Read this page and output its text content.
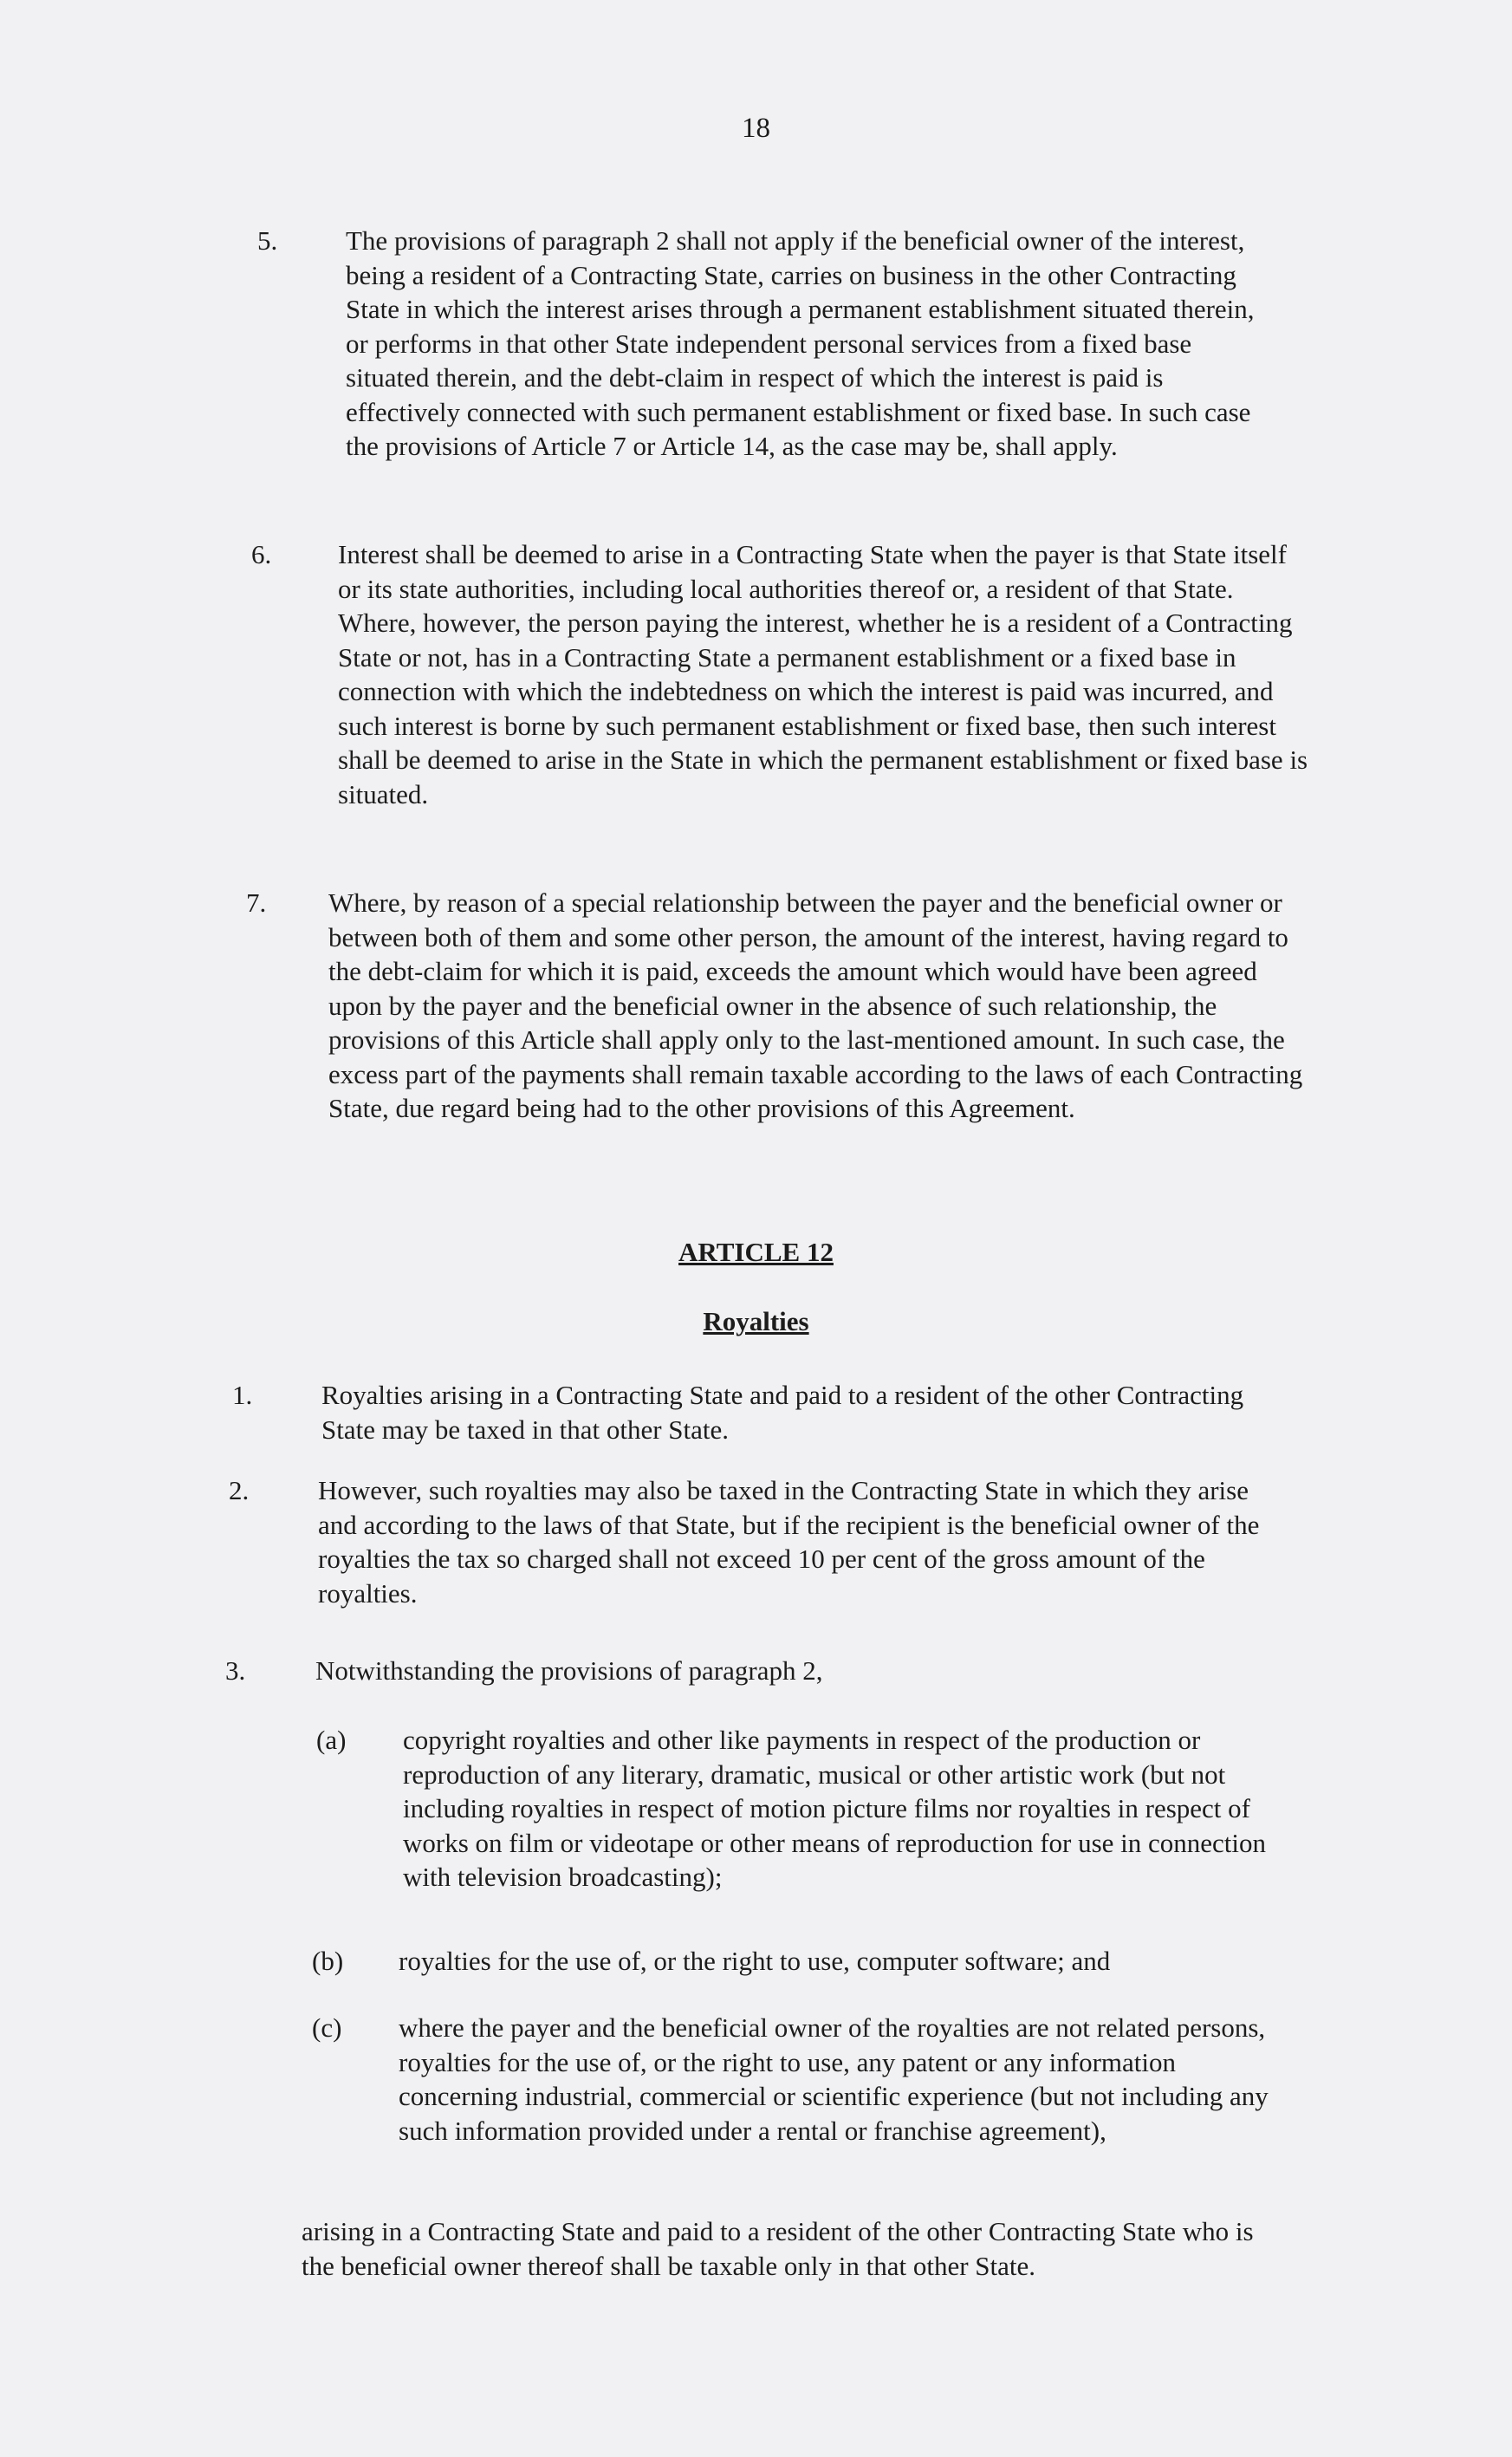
18
5.	The provisions of paragraph 2 shall not apply if the beneficial owner of the interest, being a resident of a Contracting State, carries on business in the other Contracting State in which the interest arises through a permanent establishment situated therein, or performs in that other State independent personal services from a fixed base situated therein, and the debt-claim in respect of which the interest is paid is effectively connected with such permanent establishment or fixed base. In such case the provisions of Article 7 or Article 14, as the case may be, shall apply.
6. Interest shall be deemed to arise in a Contracting State when the payer is that State itself or its state authorities, including local authorities thereof or, a resident of that State. Where, however, the person paying the interest, whether he is a resident of a Contracting State or not, has in a Contracting State a permanent establishment or a fixed base in connection with which the indebtedness on which the interest is paid was incurred, and such interest is borne by such permanent establishment or fixed base, then such interest shall be deemed to arise in the State in which the permanent establishment or fixed base is situated.
7. Where, by reason of a special relationship between the payer and the beneficial owner or between both of them and some other person, the amount of the interest, having regard to the debt-claim for which it is paid, exceeds the amount which would have been agreed upon by the payer and the beneficial owner in the absence of such relationship, the provisions of this Article shall apply only to the last-mentioned amount. In such case, the excess part of the payments shall remain taxable according to the laws of each Contracting State, due regard being had to the other provisions of this Agreement.
ARTICLE 12
Royalties
1.	Royalties arising in a Contracting State and paid to a resident of the other Contracting State may be taxed in that other State.
2.	However, such royalties may also be taxed in the Contracting State in which they arise and according to the laws of that State, but if the recipient is the beneficial owner of the royalties the tax so charged shall not exceed 10 per cent of the gross amount of the royalties.
3.	Notwithstanding the provisions of paragraph 2,
(a) copyright royalties and other like payments in respect of the production or reproduction of any literary, dramatic, musical or other artistic work (but not including royalties in respect of motion picture films nor royalties in respect of works on film or videotape or other means of reproduction for use in connection with television broadcasting);
(b) royalties for the use of, or the right to use, computer software; and
(c) where the payer and the beneficial owner of the royalties are not related persons, royalties for the use of, or the right to use, any patent or any information concerning industrial, commercial or scientific experience (but not including any such information provided under a rental or franchise agreement),
arising in a Contracting State and paid to a resident of the other Contracting State who is the beneficial owner thereof shall be taxable only in that other State.
